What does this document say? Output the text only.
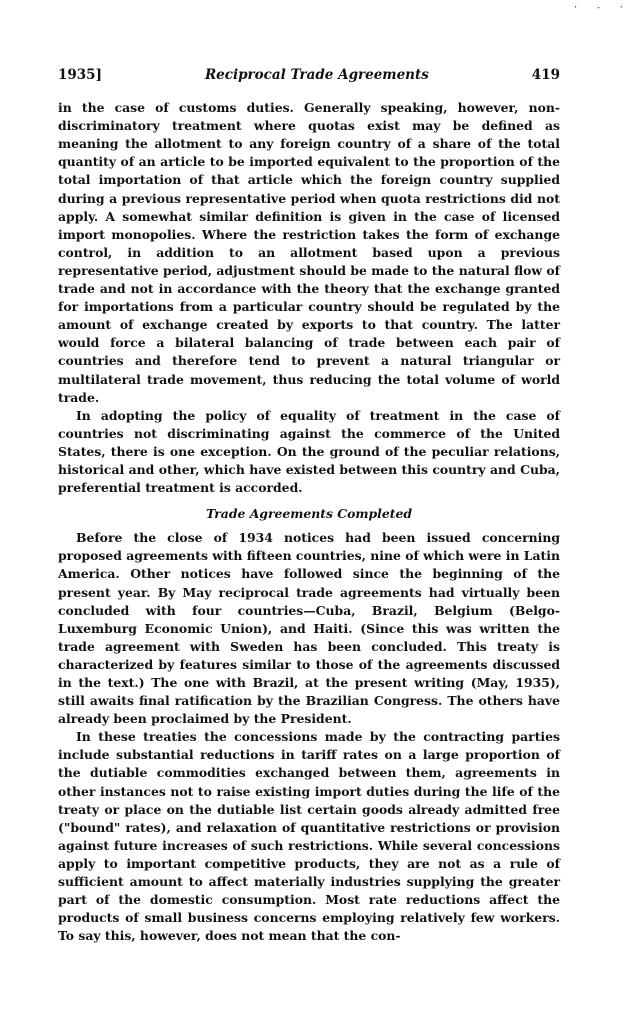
· - ·
1935]	Reciprocal Trade Agreements	419

in the case of customs duties. Generally speaking, however, non-discriminatory treatment where quotas exist may be defined as meaning the allotment to any foreign country of a share of the total quantity of an article to be imported equivalent to the proportion of the total importation of that article which the foreign country supplied during a previous representative period when quota restrictions did not apply. A somewhat similar definition is given in the case of licensed import monopolies. Where the restriction takes the form of exchange control, in addition to an allotment based upon a previous representative period, adjustment should be made to the natural flow of trade and not in accordance with the theory that the exchange granted for importations from a particular country should be regulated by the amount of exchange created by exports to that country. The latter would force a bilateral balancing of trade between each pair of countries and therefore tend to prevent a natural triangular or multilateral trade movement, thus reducing the total volume of world trade.

In adopting the policy of equality of treatment in the case of countries not discriminating against the commerce of the United States, there is one exception. On the ground of the peculiar relations, historical and other, which have existed between this country and Cuba, preferential treatment is accorded.

Trade Agreements Completed

Before the close of 1934 notices had been issued concerning proposed agreements with fifteen countries, nine of which were in Latin America. Other notices have followed since the beginning of the present year. By May reciprocal trade agreements had virtually been concluded with four countries—Cuba, Brazil, Belgium (Belgo-Luxemburg Economic Union), and Haiti. (Since this was written the trade agreement with Sweden has been concluded. This treaty is characterized by features similar to those of the agreements discussed in the text.) The one with Brazil, at the present writing (May, 1935), still awaits final ratification by the Brazilian Congress. The others have already been proclaimed by the President.

In these treaties the concessions made by the contracting parties include substantial reductions in tariff rates on a large proportion of the dutiable commodities exchanged between them, agreements in other instances not to raise existing import duties during the life of the treaty or place on the dutiable list certain goods already admitted free ("bound" rates), and relaxation of quantitative restrictions or provision against future increases of such restrictions. While several concessions apply to important competitive products, they are not as a rule of sufficient amount to affect materially industries supplying the greater part of the domestic consumption. Most rate reductions affect the products of small business concerns employing relatively few workers. To say this, however, does not mean that the con-
